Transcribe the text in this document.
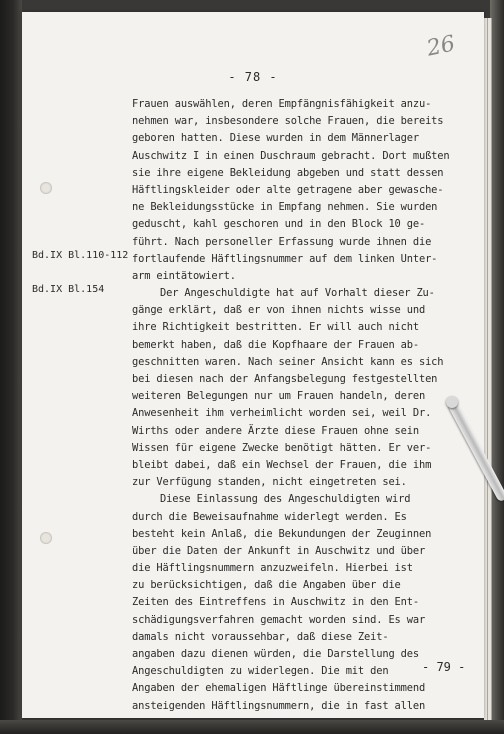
26
- 78 -
Bd.IX Bl.110-112
Bd.IX Bl.154
Frauen auswählen, deren Empfängnisfähigkeit anzu-
nehmen war, insbesondere solche Frauen, die bereits
geboren hatten. Diese wurden in dem Männerlager
Auschwitz I in einen Duschraum gebracht. Dort mußten
sie ihre eigene Bekleidung abgeben und statt dessen
Häftlingskleider oder alte getragene aber gewasche-
ne Bekleidungsstücke in Empfang nehmen. Sie wurden
geduscht, kahl geschoren und in den Block 10 ge-
führt. Nach personeller Erfassung wurde ihnen die
fortlaufende Häftlingsnummer auf dem linken Unter-
arm eintätowiert.
Der Angeschuldigte hat auf Vorhalt dieser Zu-
gänge erklärt, daß er von ihnen nichts wisse und
ihre Richtigkeit bestritten. Er will auch nicht
bemerkt haben, daß die Kopfhaare der Frauen ab-
geschnitten waren. Nach seiner Ansicht kann es sich
bei diesen nach der Anfangsbelegung festgestellten
weiteren Belegungen nur um Frauen handeln, deren
Anwesenheit ihm verheimlicht worden sei, weil Dr.
Wirths oder andere Ärzte diese Frauen ohne sein
Wissen für eigene Zwecke benötigt hätten. Er ver-
bleibt dabei, daß ein Wechsel der Frauen, die ihm
zur Verfügung standen, nicht eingetreten sei.
Diese Einlassung des Angeschuldigten wird
durch die Beweisaufnahme widerlegt werden. Es
besteht kein Anlaß, die Bekundungen der Zeuginnen
über die Daten der Ankunft in Auschwitz und über
die Häftlingsnummern anzuzweifeln. Hierbei ist
zu berücksichtigen, daß die Angaben über die
Zeiten des Eintreffens in Auschwitz in den Ent-
schädigungsverfahren gemacht worden sind. Es war
damals nicht voraussehbar, daß diese Zeit-
angaben dazu dienen würden, die Darstellung des
Angeschuldigten zu widerlegen. Die mit den
Angaben der ehemaligen Häftlinge übereinstimmend
ansteigenden Häftlingsnummern, die in fast allen
- 79 -
